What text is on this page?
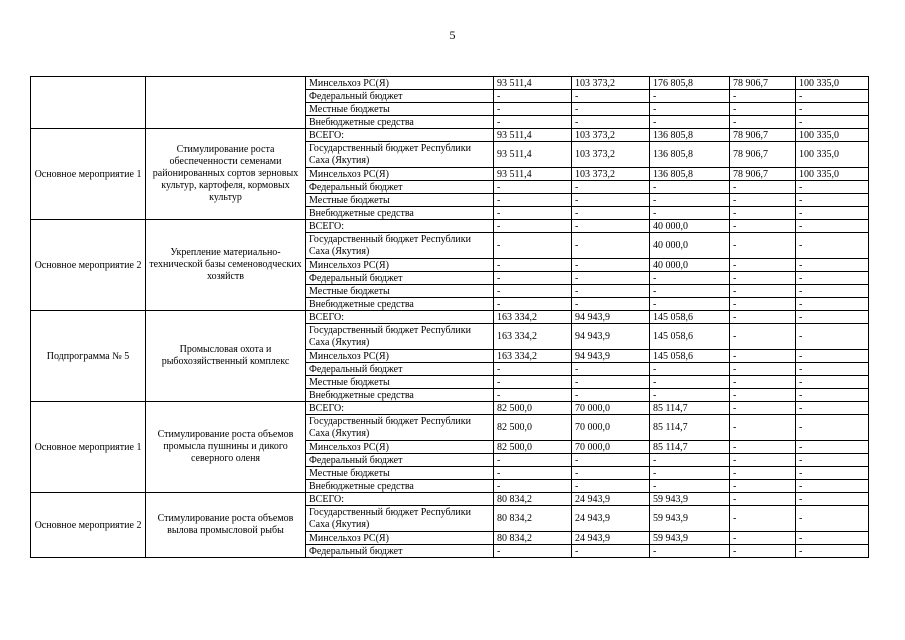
5
		Минсельхоз РС(Я)	93 511,4	103 373,2	176 805,8	78 906,7	100 335,0
		Федеральный бюджет	-	-	-	-	-
		Местные бюджеты	-	-	-	-	-
		Внебюджетные средства	-	-	-	-	-
Основное мероприятие 1	Стимулирование роста обеспеченности семенами районированных сортов зерновых культур, картофеля, кормовых культур	ВСЕГО:	93 511,4	103 373,2	136 805,8	78 906,7	100 335,0
		Государственный бюджет Республики Саха (Якутия)	93 511,4	103 373,2	136 805,8	78 906,7	100 335,0
		Минсельхоз РС(Я)	93 511,4	103 373,2	136 805,8	78 906,7	100 335,0
		Федеральный бюджет	-	-	-	-	-
		Местные бюджеты	-	-	-	-	-
		Внебюджетные средства	-	-	-	-	-
Основное мероприятие 2	Укрепление материально-технической базы семеноводческих хозяйств	ВСЕГО:	-	-	40 000,0	-	-
		Государственный бюджет Республики Саха (Якутия)	-	-	40 000,0	-	-
		Минсельхоз РС(Я)	-	-	40 000,0	-	-
		Федеральный бюджет	-	-	-	-	-
		Местные бюджеты	-	-	-	-	-
		Внебюджетные средства	-	-	-	-	-
Подпрограмма № 5	Промысловая охота и рыбохозяйственный комплекс	ВСЕГО:	163 334,2	94 943,9	145 058,6	-	-
		Государственный бюджет Республики Саха (Якутия)	163 334,2	94 943,9	145 058,6	-	-
		Минсельхоз РС(Я)	163 334,2	94 943,9	145 058,6	-	-
		Федеральный бюджет	-	-	-	-	-
		Местные бюджеты	-	-	-	-	-
		Внебюджетные средства	-	-	-	-	-
Основное мероприятие 1	Стимулирование роста объемов промысла пушнины и дикого северного оленя	ВСЕГО:	82 500,0	70 000,0	85 114,7	-	-
		Государственный бюджет Республики Саха (Якутия)	82 500,0	70 000,0	85 114,7	-	-
		Минсельхоз РС(Я)	82 500,0	70 000,0	85 114,7	-	-
		Федеральный бюджет	-	-	-	-	-
		Местные бюджеты	-	-	-	-	-
		Внебюджетные средства	-	-	-	-	-
Основное мероприятие 2	Стимулирование роста объемов вылова промысловой рыбы	ВСЕГО:	80 834,2	24 943,9	59 943,9	-	-
		Государственный бюджет Республики Саха (Якутия)	80 834,2	24 943,9	59 943,9	-	-
		Минсельхоз РС(Я)	80 834,2	24 943,9	59 943,9	-	-
		Федеральный бюджет	-	-	-	-	-
